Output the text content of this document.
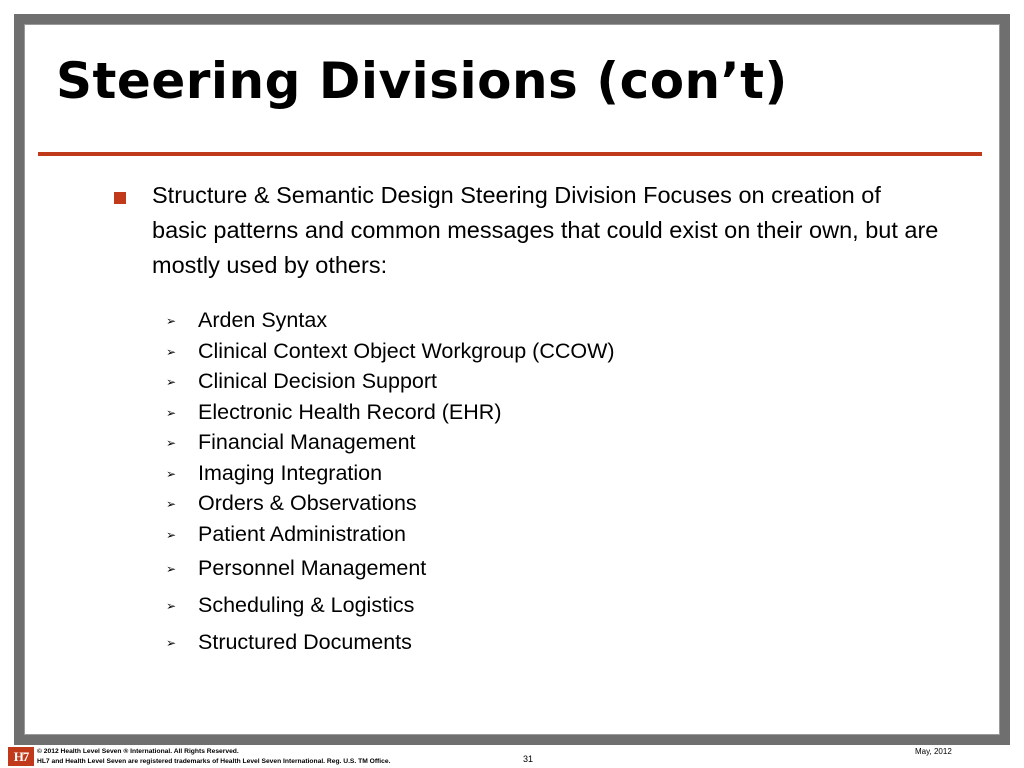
Steering Divisions (con’t)
Structure & Semantic Design Steering Division Focuses on creation of basic patterns and common messages that could exist on their own, but are mostly used by others:
➢ Arden Syntax
➢ Clinical Context Object Workgroup (CCOW)
➢ Clinical Decision Support
➢ Electronic Health Record (EHR)
➢ Financial Management
➢ Imaging Integration
➢ Orders & Observations
➢ Patient Administration
➢ Personnel Management
➢ Scheduling & Logistics
➢ Structured Documents
H7	© 2012 Health Level Seven ® International. All Rights Reserved.
HL7 and Health Level Seven are registered trademarks of Health Level Seven International. Reg. U.S. TM Office.	31
May, 2012
